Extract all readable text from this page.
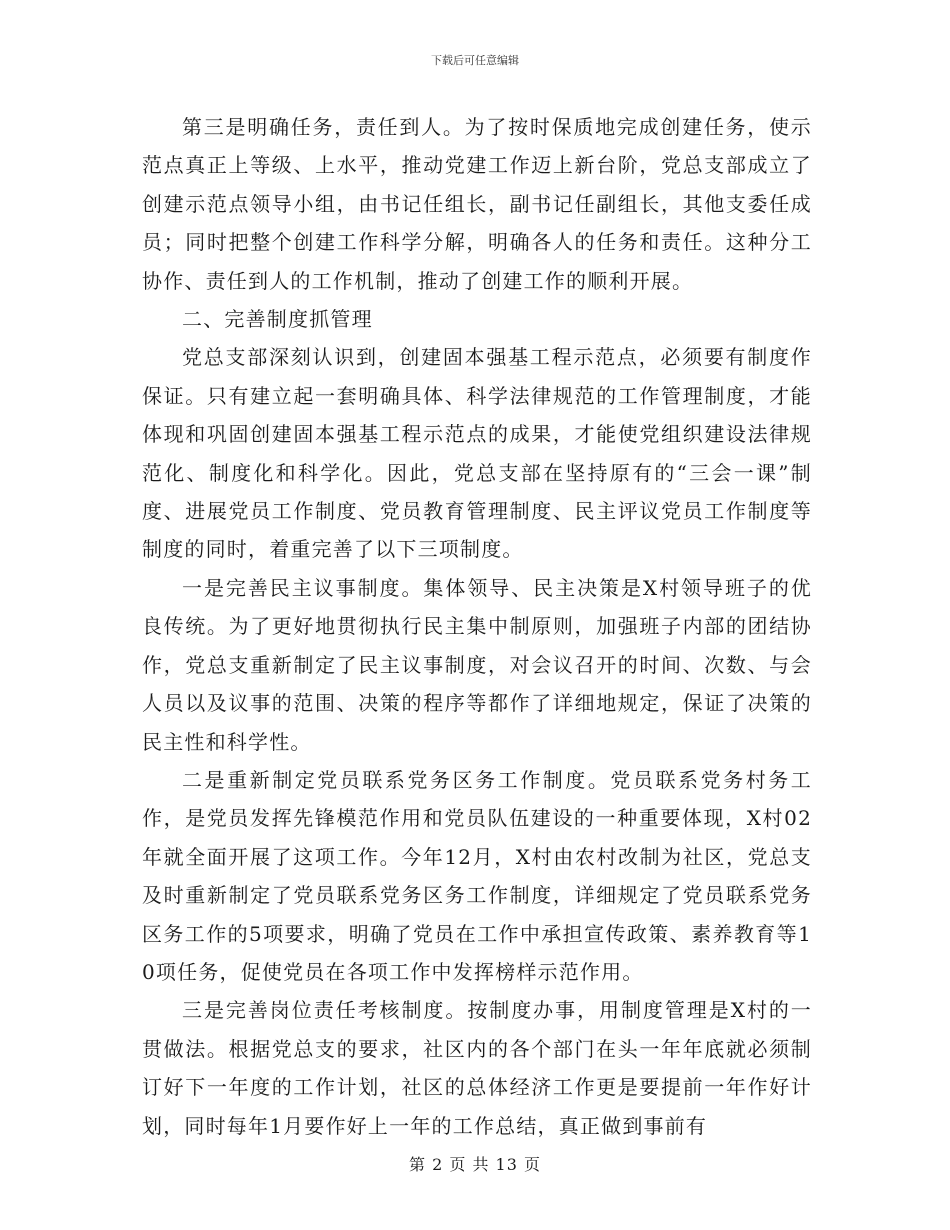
下载后可任意编辑

第三是明确任务，责任到人。为了按时保质地完成创建任务，使示范点真正上等级、上水平，推动党建工作迈上新台阶，党总支部成立了创建示范点领导小组，由书记任组长，副书记任副组长，其他支委任成员；同时把整个创建工作科学分解，明确各人的任务和责任。这种分工协作、责任到人的工作机制，推动了创建工作的顺利开展。

二、完善制度抓管理

党总支部深刻认识到，创建固本强基工程示范点，必须要有制度作保证。只有建立起一套明确具体、科学法律规范的工作管理制度，才能体现和巩固创建固本强基工程示范点的成果，才能使党组织建设法律规范化、制度化和科学化。因此，党总支部在坚持原有的“三会一课”制度、进展党员工作制度、党员教育管理制度、民主评议党员工作制度等制度的同时，着重完善了以下三项制度。

一是完善民主议事制度。集体领导、民主决策是X村领导班子的优良传统。为了更好地贯彻执行民主集中制原则，加强班子内部的团结协作，党总支重新制定了民主议事制度，对会议召开的时间、次数、与会人员以及议事的范围、决策的程序等都作了详细地规定，保证了决策的民主性和科学性。

二是重新制定党员联系党务区务工作制度。党员联系党务村务工作，是党员发挥先锋模范作用和党员队伍建设的一种重要体现，X村02年就全面开展了这项工作。今年12月，X村由农村改制为社区，党总支及时重新制定了党员联系党务区务工作制度，详细规定了党员联系党务区务工作的5项要求，明确了党员在工作中承担宣传政策、素养教育等10项任务，促使党员在各项工作中发挥榜样示范作用。

三是完善岗位责任考核制度。按制度办事，用制度管理是X村的一贯做法。根据党总支的要求，社区内的各个部门在头一年年底就必须制订好下一年度的工作计划，社区的总体经济工作更是要提前一年作好计划，同时每年1月要作好上一年的工作总结，真正做到事前有

第 2 页 共 13 页
